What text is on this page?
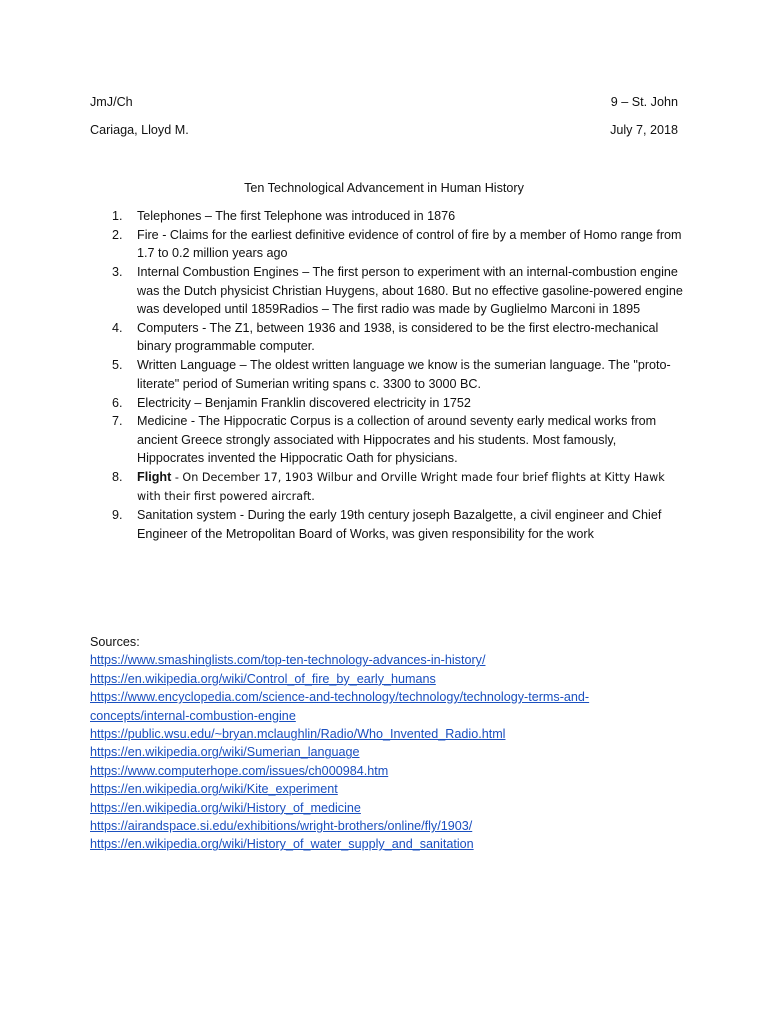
JmJ/Ch	9 – St. John
Cariaga, Lloyd M.	July 7, 2018
Ten Technological Advancement in Human History
1. Telephones – The first Telephone was introduced in 1876
2. Fire - Claims for the earliest definitive evidence of control of fire by a member of Homo range from 1.7 to 0.2 million years ago
3. Internal Combustion Engines – The first person to experiment with an internal-combustion engine was the Dutch physicist Christian Huygens, about 1680. But no effective gasoline-powered engine was developed until 1859Radios – The first radio was made by Guglielmo Marconi in 1895
4. Computers - The Z1, between 1936 and 1938, is considered to be the first electro-mechanical binary programmable computer.
5. Written Language – The oldest written language we know is the sumerian language. The "proto-literate" period of Sumerian writing spans c. 3300 to 3000 BC.
6. Electricity – Benjamin Franklin discovered electricity in 1752
7. Medicine - The Hippocratic Corpus is a collection of around seventy early medical works from ancient Greece strongly associated with Hippocrates and his students. Most famously, Hippocrates invented the Hippocratic Oath for physicians.
8. Flight - On December 17, 1903 Wilbur and Orville Wright made four brief flights at Kitty Hawk with their first powered aircraft.
9. Sanitation system - During the early 19th century joseph Bazalgette, a civil engineer and Chief Engineer of the Metropolitan Board of Works, was given responsibility for the work
Sources:
https://www.smashinglists.com/top-ten-technology-advances-in-history/
https://en.wikipedia.org/wiki/Control_of_fire_by_early_humans
https://www.encyclopedia.com/science-and-technology/technology/technology-terms-and-
concepts/internal-combustion-engine
https://public.wsu.edu/~bryan.mclaughlin/Radio/Who_Invented_Radio.html
https://en.wikipedia.org/wiki/Sumerian_language
https://www.computerhope.com/issues/ch000984.htm
https://en.wikipedia.org/wiki/Kite_experiment
https://en.wikipedia.org/wiki/History_of_medicine
https://airandspace.si.edu/exhibitions/wright-brothers/online/fly/1903/
https://en.wikipedia.org/wiki/History_of_water_supply_and_sanitation
